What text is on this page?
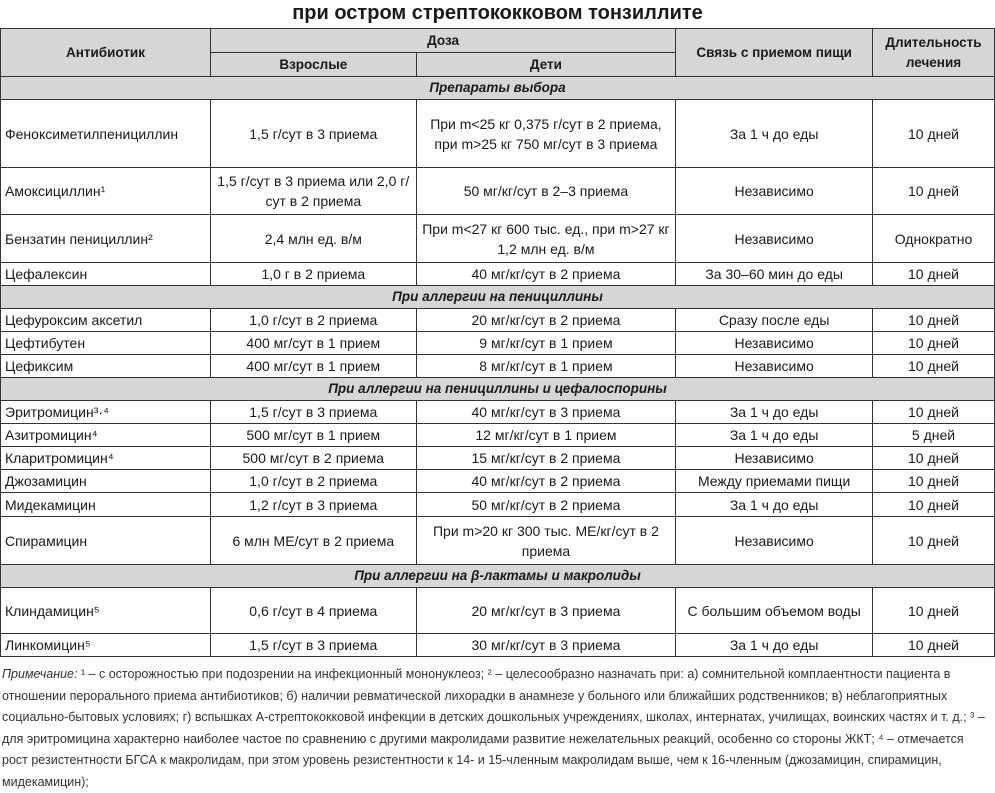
при остром стрептококковом тонзиллите
Антибиотик	Доза		Связь с приемом пищи	Длительность лечения
	Взрослые	Дети		
Препараты выбора				
Феноксиметилпенициллин	1,5 г/сут в 3 приема	При m<25 кг 0,375 г/сут в 2 приема, при m>25 кг 750 мг/сут в 3 приема	За 1 ч до еды	10 дней
Амоксициллин¹	1,5 г/сут в 3 приема или 2,0 г/сут в 2 приема	50 мг/кг/сут в 2–3 приема	Независимо	10 дней
Бензатин пенициллин²	2,4 млн ед. в/м	При m<27 кг 600 тыс. ед., при m>27 кг 1,2 млн ед. в/м	Независимо	Однократно
Цефалексин	1,0 г в 2 приема	40 мг/кг/сут в 2 приема	За 30–60 мин до еды	10 дней
При аллергии на пенициллины				
Цефуроксим аксетил	1,0 г/сут в 2 приема	20 мг/кг/сут в 2 приема	Сразу после еды	10 дней
Цефтибутен	400 мг/сут в 1 прием	9 мг/кг/сут в 1 прием	Независимо	10 дней
Цефиксим	400 мг/сут в 1 прием	8 мг/кг/сут в 1 прием	Независимо	10 дней
При аллергии на пенициллины и цефалоспорины				
Эритромицин³·⁴	1,5 г/сут в 3 приема	40 мг/кг/сут в 3 приема	За 1 ч до еды	10 дней
Азитромицин⁴	500 мг/сут в 1 прием	12 мг/кг/сут в 1 прием	За 1 ч до еды	5 дней
Кларитромицин⁴	500 мг/сут в 2 приема	15 мг/кг/сут в 2 приема	Независимо	10 дней
Джозамицин	1,0 г/сут в 2 приема	40 мг/кг/сут в 2 приема	Между приемами пищи	10 дней
Мидекамицин	1,2 г/сут в 3 приема	50 мг/кг/сут в 2 приема	За 1 ч до еды	10 дней
Спирамицин	6 млн МЕ/сут в 2 приема	При m>20 кг 300 тыс. МЕ/кг/сут в 2 приема	Независимо	10 дней
При аллергии на β-лактамы и макролиды				
Клиндамицин⁵	0,6 г/сут в 4 приема	20 мг/кг/сут в 3 приема	С большим объемом воды	10 дней
Линкомицин⁵	1,5 г/сут в 3 приема	30 мг/кг/сут в 3 приема	За 1 ч до еды	10 дней
Примечание: ¹ – с осторожностью при подозрении на инфекционный мононуклеоз; ² – целесообразно назначать при: а) сомнительной комплаентности пациента в отношении перорального приема антибиотиков; б) наличии ревматической лихорадки в анамнезе у больного или ближайших родственников; в) неблагоприятных социально-бытовых условиях; г) вспышках А-стрептококковой инфекции в детских дошкольных учреждениях, школах, интернатах, училищах, воинских частях и т. д.; ³ – для эритромицина характерно наиболее частое по сравнению с другими макролидами развитие нежелательных реакций, особенно со стороны ЖКТ; ⁴ – отмечается рост резистентности БГСА к макролидам, при этом уровень резистентности к 14- и 15-членным макролидам выше, чем к 16-членным (джозамицин, спирамицин, мидекамицин);
